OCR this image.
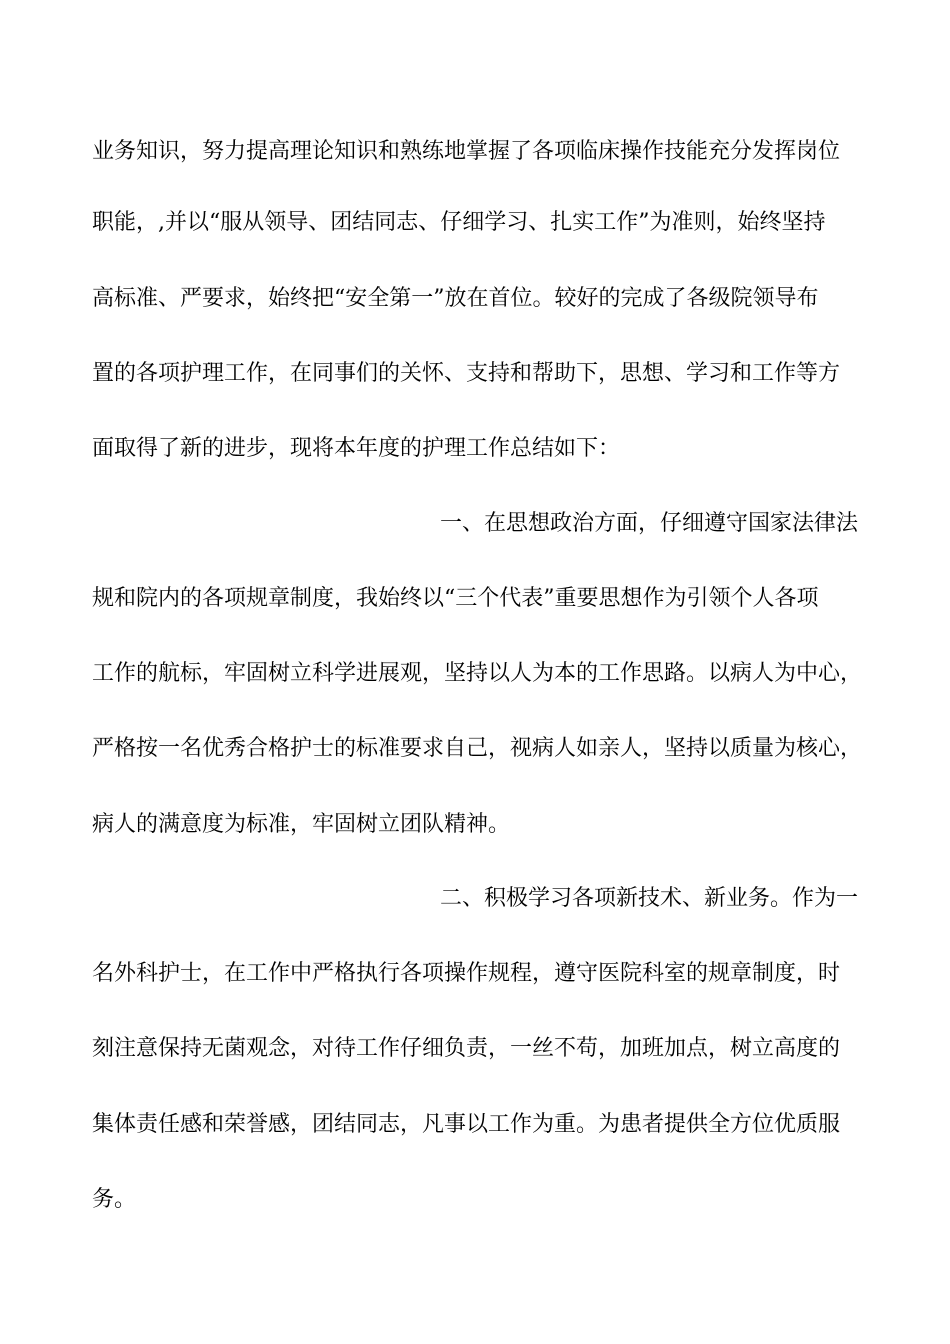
业务知识，努力提高理论知识和熟练地掌握了各项临床操作技能充分发挥岗位
职能，,并以“服从领导、团结同志、仔细学习、扎实工作”为准则，始终坚持
高标准、严要求，始终把“安全第一”放在首位。较好的完成了各级院领导布
置的各项护理工作，在同事们的关怀、支持和帮助下，思想、学习和工作等方
面取得了新的进步，现将本年度的护理工作总结如下：
一、在思想政治方面，仔细遵守国家法律法
规和院内的各项规章制度，我始终以“三个代表”重要思想作为引领个人各项
工作的航标，牢固树立科学进展观，坚持以人为本的工作思路。以病人为中心，
严格按一名优秀合格护士的标准要求自己，视病人如亲人，坚持以质量为核心，
病人的满意度为标准，牢固树立团队精神。
二、积极学习各项新技术、新业务。作为一
名外科护士，在工作中严格执行各项操作规程，遵守医院科室的规章制度，时
刻注意保持无菌观念，对待工作仔细负责，一丝不苟，加班加点，树立高度的
集体责任感和荣誉感，团结同志，凡事以工作为重。为患者提供全方位优质服
务。
